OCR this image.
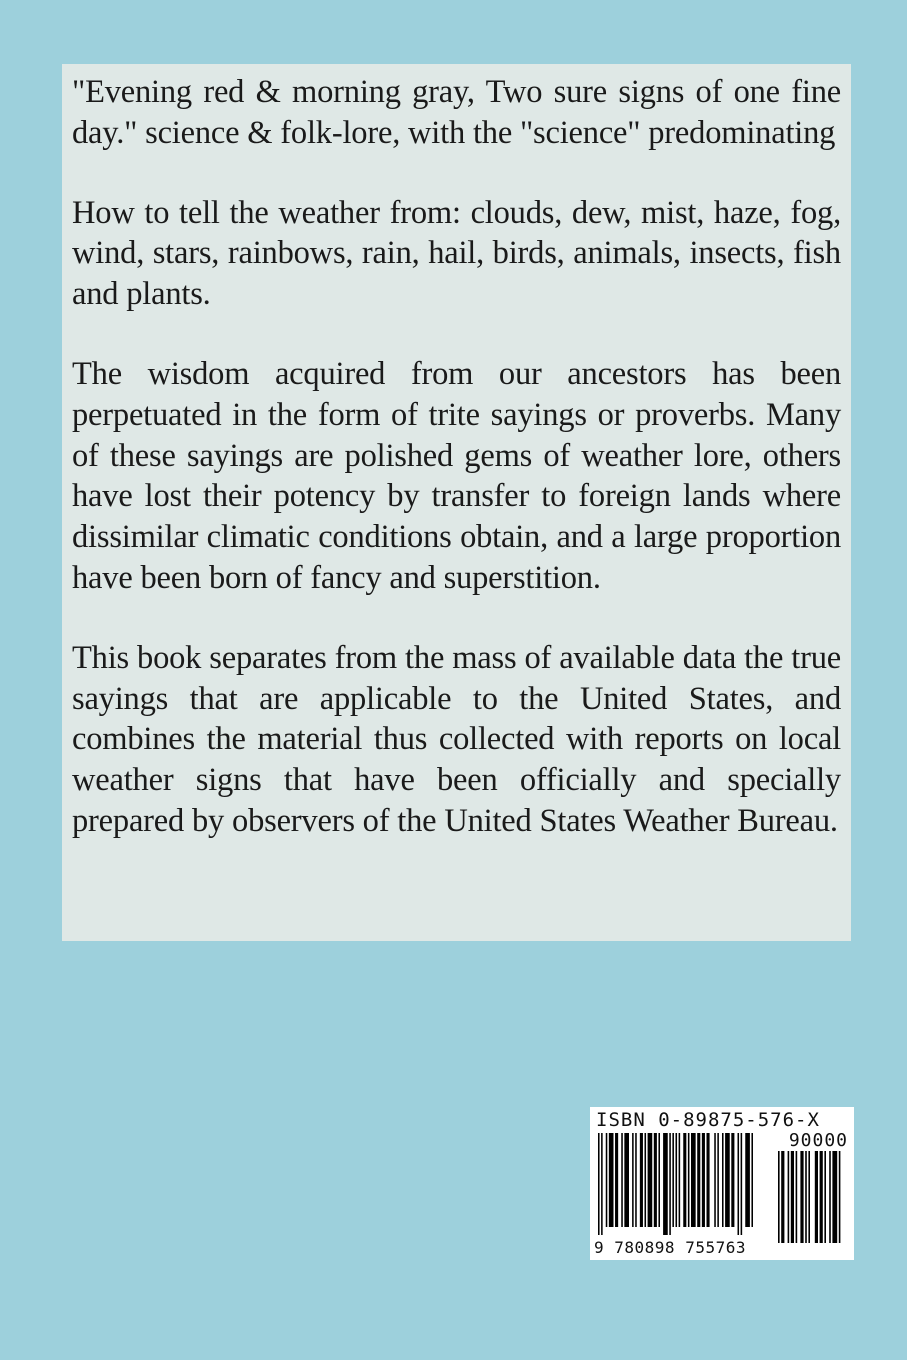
"Evening red & morning gray, Two sure signs of one fine day." science & folk-lore, with the "science" predominating

How to tell the weather from: clouds, dew, mist, haze, fog, wind, stars, rainbows, rain, hail, birds, animals, insects, fish and plants.

The wisdom acquired from our ancestors has been perpetuated in the form of trite sayings or proverbs. Many of these sayings are polished gems of weather lore, others have lost their potency by transfer to foreign lands where dissimilar climatic conditions obtain, and a large proportion have been born of fancy and superstition.

This book separates from the mass of available data the true sayings that are applicable to the United States, and combines the material thus collected with reports on local weather signs that have been officially and specially prepared by observers of the United States Weather Bureau.

ISBN 0-89875-576-X
90000
9 780898 755763
